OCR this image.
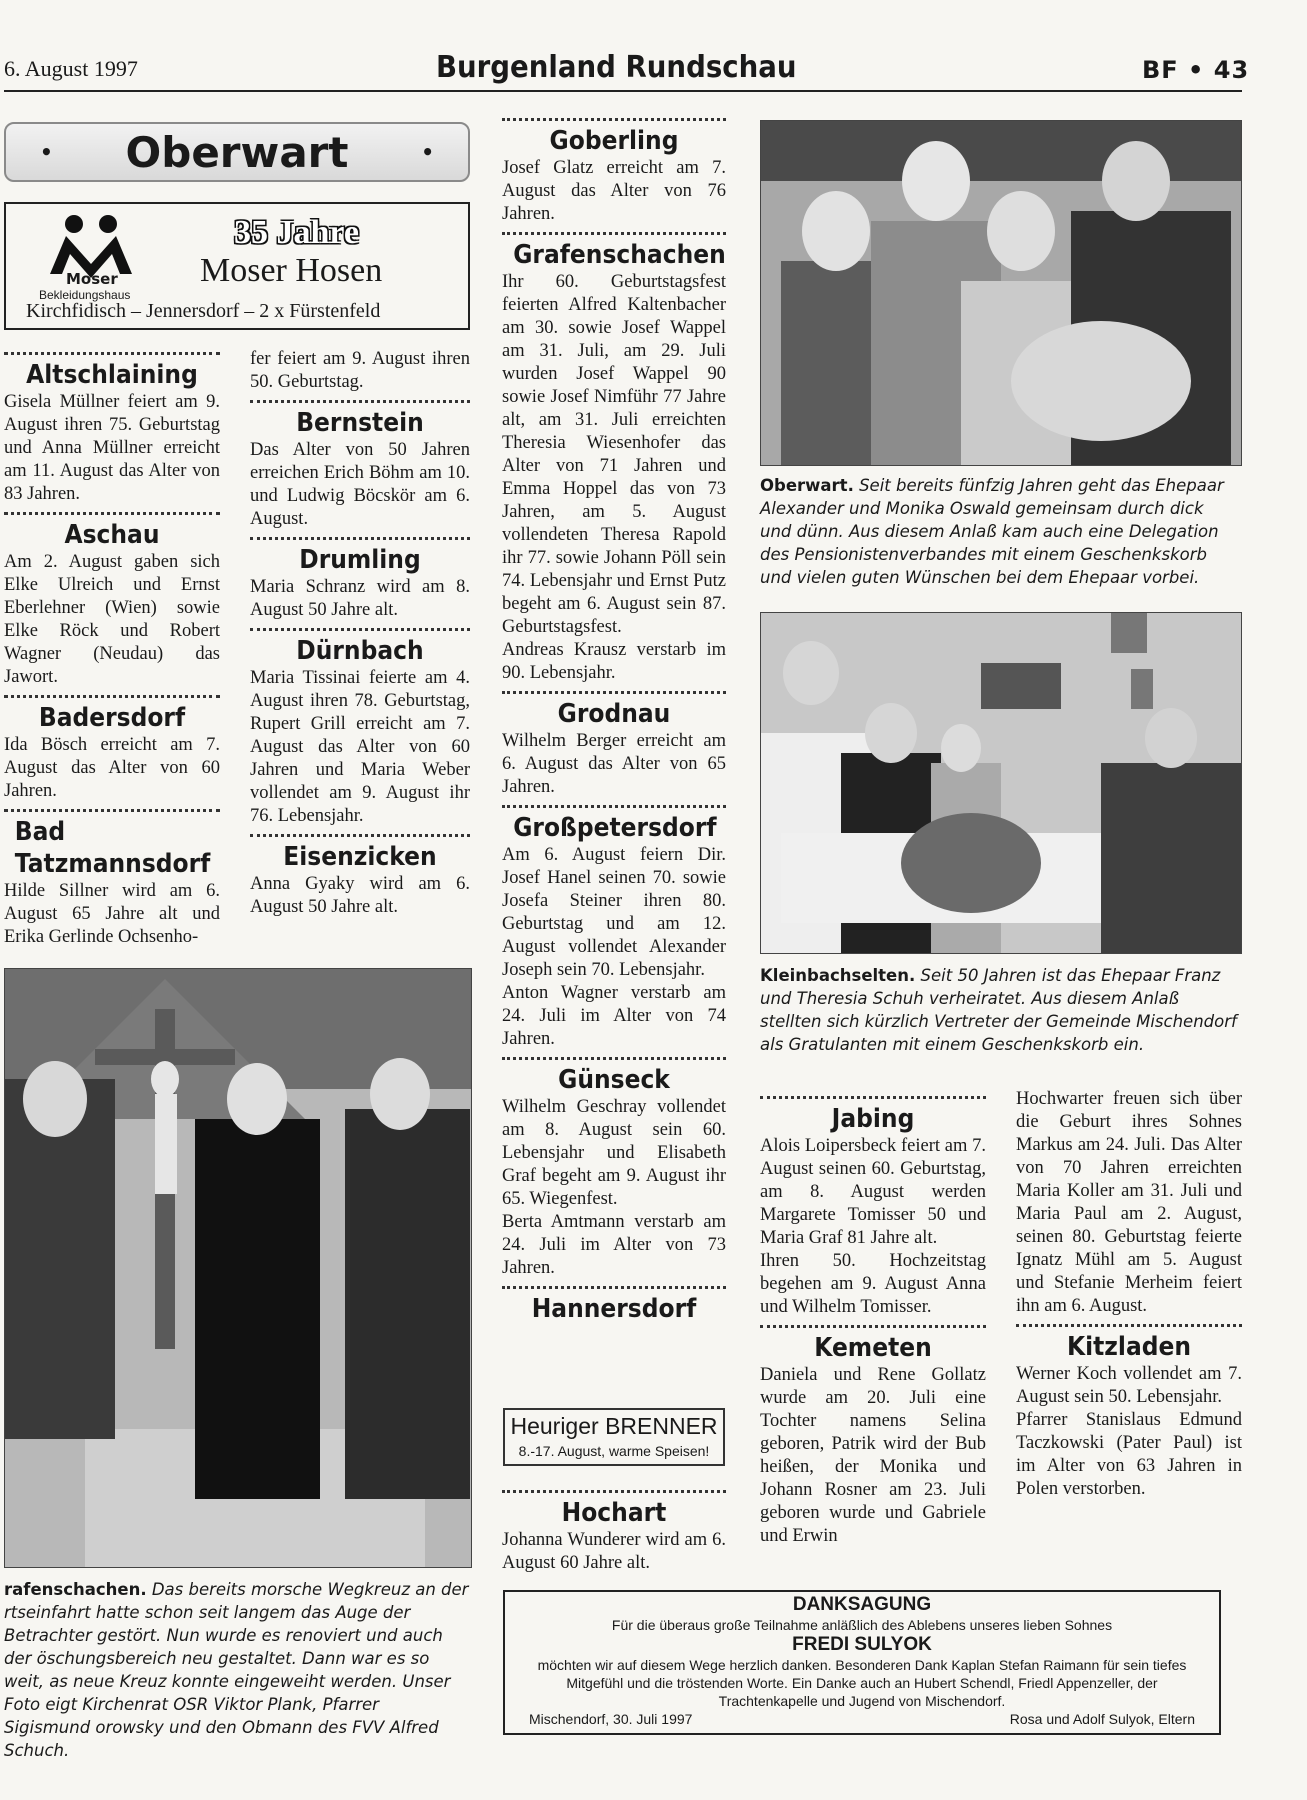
6. August 1997	Burgenland Rundschau	BF • 43
• Oberwart	•
Moser
Bekleidungshaus
35 Jahre
Moser Hosen
Kirchfidisch – Jennersdorf – 2 x Fürstenfeld
Altschlaining

Gisela Müllner feiert am 9. August ihren 75. Geburtstag und Anna Müllner erreicht am 11. August das Alter von 83 Jahren.

Aschau

Am 2. August gaben sich Elke Ulreich und Ernst Eberlehner (Wien) sowie Elke Röck und Robert Wagner (Neudau) das Jawort.

Badersdorf

Ida Bösch erreicht am 7. August das Alter von 60 Jahren.

Bad Tatzmannsdorf

Hilde Sillner wird am 6. August 65 Jahre alt und Erika Gerlinde Ochsenho-

fer feiert am 9. August ihren 50. Geburtstag.

Bernstein

Das Alter von 50 Jahren erreichen Erich Böhm am 10. und Ludwig Böcskör am 6. August.

Drumling

Maria Schranz wird am 8. August 50 Jahre alt.

Dürnbach

Maria Tissinai feierte am 4. August ihren 78. Geburtstag, Rupert Grill erreicht am 7. August das Alter von 60 Jahren und Maria Weber vollendet am 9. August ihr 76. Lebensjahr.

Eisenzicken

Anna Gyaky wird am 6. August 50 Jahre alt.

rafenschachen. Das bereits morsche Wegkreuz an der rtseinfahrt hatte schon seit langem das Auge der Betrachter gestört. Nun wurde es renoviert und auch der öschungsbereich neu gestaltet. Dann war es so weit, as neue Kreuz konnte eingeweiht werden. Unser Foto eigt Kirchenrat OSR Viktor Plank, Pfarrer Sigismund orowsky und den Obmann des FVV Alfred Schuch.
Goberling

Josef Glatz erreicht am 7. August das Alter von 76 Jahren.

Grafenschachen

Ihr 60. Geburtstagsfest feierten Alfred Kaltenbacher am 30. sowie Josef Wappel am 31. Juli, am 29. Juli wurden Josef Wappel 90 sowie Josef Nimführ 77 Jahre alt, am 31. Juli erreichten Theresia Wiesenhofer das Alter von 71 Jahren und Emma Hoppel das von 73 Jahren, am 5. August vollendeten Theresa Rapold ihr 77. sowie Johann Pöll sein 74. Lebensjahr und Ernst Putz begeht am 6. August sein 87. Geburtstagsfest.

Andreas Krausz verstarb im 90. Lebensjahr.

Grodnau

Wilhelm Berger erreicht am 6. August das Alter von 65 Jahren.

Großpetersdorf

Am 6. August feiern Dir. Josef Hanel seinen 70. sowie Josefa Steiner ihren 80. Geburtstag und am 12. August vollendet Alexander Joseph sein 70. Lebensjahr.

Anton Wagner verstarb am 24. Juli im Alter von 74 Jahren.

Günseck

Wilhelm Geschray vollendet am 8. August sein 60. Lebensjahr und Elisabeth Graf begeht am 9. August ihr 65. Wiegenfest.

Berta Amtmann verstarb am 24. Juli im Alter von 73 Jahren.

Hannersdorf
Heuriger BRENNER
8.-17. August, warme Speisen!
Hochart

Johanna Wunderer wird am 6. August 60 Jahre alt.

Oberwart. Seit bereits fünfzig Jahren geht das Ehepaar Alexander und Monika Oswald gemeinsam durch dick und dünn. Aus diesem Anlaß kam auch eine Delegation des Pensionistenverbandes mit einem Geschenkskorb und vielen guten Wünschen bei dem Ehepaar vorbei.
Kleinbachselten. Seit 50 Jahren ist das Ehepaar Franz und Theresia Schuh verheiratet. Aus diesem Anlaß stellten sich kürzlich Vertreter der Gemeinde Mischendorf als Gratulanten mit einem Geschenkskorb ein.
Jabing

Alois Loipersbeck feiert am 7. August seinen 60. Geburtstag, am 8. August werden Margarete Tomisser 50 und Maria Graf 81 Jahre alt.

Ihren 50. Hochzeitstag begehen am 9. August Anna und Wilhelm Tomisser.

Kemeten

Daniela und Rene Gollatz wurde am 20. Juli eine Tochter namens Selina geboren, Patrik wird der Bub heißen, der Monika und Johann Rosner am 23. Juli geboren wurde und Gabriele und Erwin

Hochwarter freuen sich über die Geburt ihres Sohnes Markus am 24. Juli. Das Alter von 70 Jahren erreichten Maria Koller am 31. Juli und Maria Paul am 2. August, seinen 80. Geburtstag feierte Ignatz Mühl am 5. August und Stefanie Merheim feiert ihn am 6. August.

Kitzladen

Werner Koch vollendet am 7. August sein 50. Lebensjahr.

Pfarrer Stanislaus Edmund Taczkowski (Pater Paul) ist im Alter von 63 Jahren in Polen verstorben.

DANKSAGUNG
Für die überaus große Teilnahme anläßlich des Ablebens unseres lieben Sohnes
FREDI SULYOK
möchten wir auf diesem Wege herzlich danken. Besonderen Dank Kaplan Stefan Raimann für sein tiefes Mitgefühl und die tröstenden Worte. Ein Danke auch an Hubert Schendl, Friedl Appenzeller, der Trachtenkapelle und Jugend von Mischendorf.
Mischendorf, 30. Juli 1997	Rosa und Adolf Sulyok, Eltern
